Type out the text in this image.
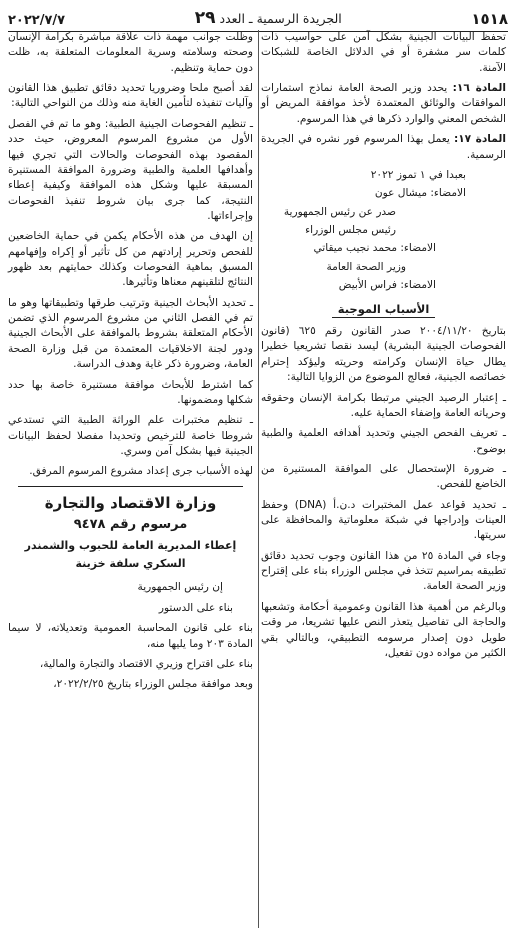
١٥١٨
الجريدة الرسمية ـ العدد
٢٩
٢٠٢٢/٧/٧

تحفظ البيانات الجينية بشكل آمن على حواسيب ذات كلمات سر مشفرة أو في الدلائل الخاصة للشبكات الآمنة.

المادة ١٦: يحدد وزير الصحة العامة نماذج استمارات الموافقات والوثائق المعتمدة لأخذ موافقة المريض أو الشخص المعني والوارد ذكرها في هذا المرسوم.

المادة ١٧: يعمل بهذا المرسوم فور نشره في الجريدة الرسمية.

بعبدا في ١ تموز ٢٠٢٢

الامضاء: ميشال عون

صدر عن رئيس الجمهورية

رئيس مجلس الوزراء

الامضاء: محمد نجيب ميقاتي

وزير الصحة العامة

الامضاء: فراس الأبيض

الأسباب الموجبة

بتاريخ ٢٠٠٤/١١/٢٠ صدر القانون رقم ٦٢٥ (قانون الفحوصات الجينية البشرية) ليسد نقصا تشريعيا خطيرا يطال حياة الإنسان وكرامته وحريته وليؤكد إحترام خصائصه الجينية، فعالج الموضوع من الزوايا التالية:

ـ إعتبار الرصيد الجيني مرتبطا بكرامة الإنسان وحقوقه وحرياته العامة وإضفاء الحماية عليه.

ـ تعريف الفحص الجيني وتحديد أهدافه العلمية والطبية بوضوح.

ـ ضرورة الإستحصال على الموافقة المستنيرة من الخاضع للفحص.

ـ تحديد قواعد عمل المختبرات د.ن.أ (DNA) وحفظ العينات وإدراجها في شبكة معلوماتية والمحافظة على سريتها.

وجاء في المادة ٢٥ من هذا القانون وجوب تحديد دقائق تطبيقه بمراسيم تتخذ في مجلس الوزراء بناء على إقتراح وزير الصحة العامة.

وبالرغم من أهمية هذا القانون وعمومية أحكامة وتشعبها والحاجة الى تفاصيل يتعذر النص عليها تشريعا، مر وقت طويل دون إصدار مرسومه التطبيقي، وبالتالي بقي الكثير من مواده دون تفعيل،

وظلت جوانب مهمة ذات علاقة مباشرة بكرامة الإنسان وصحته وسلامته وسرية المعلومات المتعلقة به، ظلت دون حماية وتنظيم.

لقد أصبح ملحا وضروريا تحديد دقائق تطبيق هذا القانون وآليات تنفيذه لتأمين الغاية منه وذلك من النواحي التالية:

ـ تنظيم الفحوصات الجينية الطبية: وهو ما تم في الفصل الأول من مشروع المرسوم المعروض، حيث حدد المقصود بهذه الفحوصات والحالات التي تجري فيها وأهدافها العلمية والطبية وضرورة الموافقة المستنيرة المسبقة عليها وشكل هذه الموافقة وكيفية إعطاء النتيجة، كما جرى بيان شروط تنفيذ الفحوصات وإجراءاتها.

إن الهدف من هذه الأحكام يكمن في حماية الخاضعين للفحص وتحرير إرادتهم من كل تأثير أو إكراه وإفهامهم المسبق بماهية الفحوصات وكذلك حمايتهم بعد ظهور النتائج لتلقينهم معناها وتأثيرها.

ـ تحديد الأبحاث الجينية وترتيب طرقها وتطبيقاتها وهو ما تم في الفصل الثاني من مشروع المرسوم الذي تضمن الأحكام المتعلقة بشروط بالموافقة على الأبحاث الجينية ودور لجنة الاخلاقيات المعتمدة من قبل وزارة الصحة العامة، وضرورة ذكر غاية وهدف الدراسة.

كما اشترط للأبحاث موافقة مستنيرة خاصة بها حدد شكلها ومضمونها.

ـ تنظيم مختبرات علم الوراثة الطبية التي تستدعي شروطا خاصة للترخيص وتحديدا مفصلا لحفظ البيانات الجينية فيها بشكل آمن وسري.

لهذه الأسباب جرى إعداد مشروع المرسوم المرفق.

وزارة الاقتصاد والتجارة
مرسوم رقم ٩٤٧٨
إعطاء المديرية العامة للحبوب والشمندر السكري سلفة خزينة

إن رئيس الجمهورية

بناء على الدستور

بناء على قانون المحاسبة العمومية وتعديلاته، لا سيما المادة ٢٠٣ وما يليها منه،

بناء على اقتراح وزيري الاقتصاد والتجارة والمالية،

وبعد موافقة مجلس الوزراء بتاريخ ٢٠٢٢/٢/٢٥،
